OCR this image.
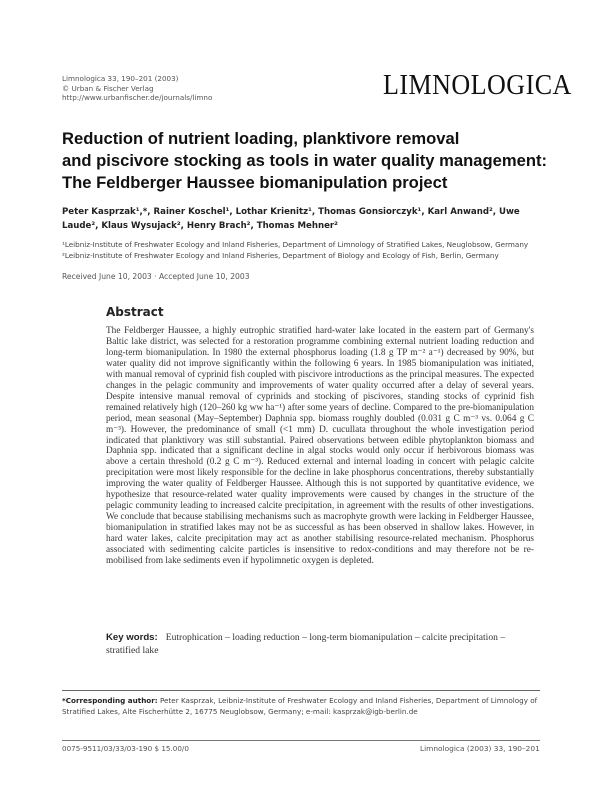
Limnologica 33, 190–201 (2003)
© Urban & Fischer Verlag
http://www.urbanfischer.de/journals/limno	LIMNOLOGICA
Reduction of nutrient loading, planktivore removal
and piscivore stocking as tools in water quality management:
The Feldberger Haussee biomanipulation project
Peter Kasprzak¹,*, Rainer Koschel¹, Lothar Krienitz¹, Thomas Gonsiorczyk¹, Karl Anwand², Uwe Laude², Klaus Wysujack², Henry Brach², Thomas Mehner²
¹Leibniz-Institute of Freshwater Ecology and Inland Fisheries, Department of Limnology of Stratified Lakes, Neuglobsow, Germany
²Leibniz-Institute of Freshwater Ecology and Inland Fisheries, Department of Biology and Ecology of Fish, Berlin, Germany
Received June 10, 2003 · Accepted June 10, 2003
Abstract
The Feldberger Haussee, a highly eutrophic stratified hard-water lake located in the eastern part of Germany's Baltic lake district, was selected for a restoration programme combining external nutrient loading reduction and long-term biomanipulation. In 1980 the external phosphorus loading (1.8 g TP m⁻² a⁻¹) decreased by 90%, but water quality did not improve significantly within the following 6 years. In 1985 biomanipulation was initiated, with manual removal of cyprinid fish coupled with piscivore introductions as the principal measures. The expected changes in the pelagic community and improvements of water quality occurred after a delay of several years. Despite intensive manual removal of cyprinids and stocking of piscivores, standing stocks of cyprinid fish remained relatively high (120–260 kg ww ha⁻¹) after some years of decline. Compared to the pre-biomanipulation period, mean seasonal (May–September) Daphnia spp. biomass roughly doubled (0.031 g C m⁻³ vs. 0.064 g C m⁻³). However, the predominance of small (<1 mm) D. cucullata throughout the whole investigation period indicated that planktivory was still substantial. Paired observations between edible phytoplankton biomass and Daphnia spp. indicated that a significant decline in algal stocks would only occur if herbivorous biomass was above a certain threshold (0.2 g C m⁻³). Reduced external and internal loading in concert with pelagic calcite precipitation were most likely responsible for the decline in lake phosphorus concentrations, thereby substantially improving the water quality of Feldberger Haussee. Although this is not supported by quantitative evidence, we hypothesize that resource-related water quality improvements were caused by changes in the structure of the pelagic community leading to increased calcite precipitation, in agreement with the results of other investigations. We conclude that because stabilising mechanisms such as macrophyte growth were lacking in Feldberger Haussee, biomanipulation in stratified lakes may not be as successful as has been observed in shallow lakes. However, in hard water lakes, calcite precipitation may act as another stabilising resource-related mechanism. Phosphorus associated with sedimenting calcite particles is insensitive to redox-conditions and may therefore not be re-mobilised from lake sediments even if hypolimnetic oxygen is depleted.
Key words: Eutrophication – loading reduction – long-term biomanipulation – calcite precipitation – stratified lake
*Corresponding author: Peter Kasprzak, Leibniz-Institute of Freshwater Ecology and Inland Fisheries, Department of Limnology of Stratified Lakes, Alte Fischerhütte 2, 16775 Neuglobsow, Germany; e-mail: kasprzak@igb-berlin.de
0075-9511/03/33/03-190 $ 15.00/0	Limnologica (2003) 33, 190–201
